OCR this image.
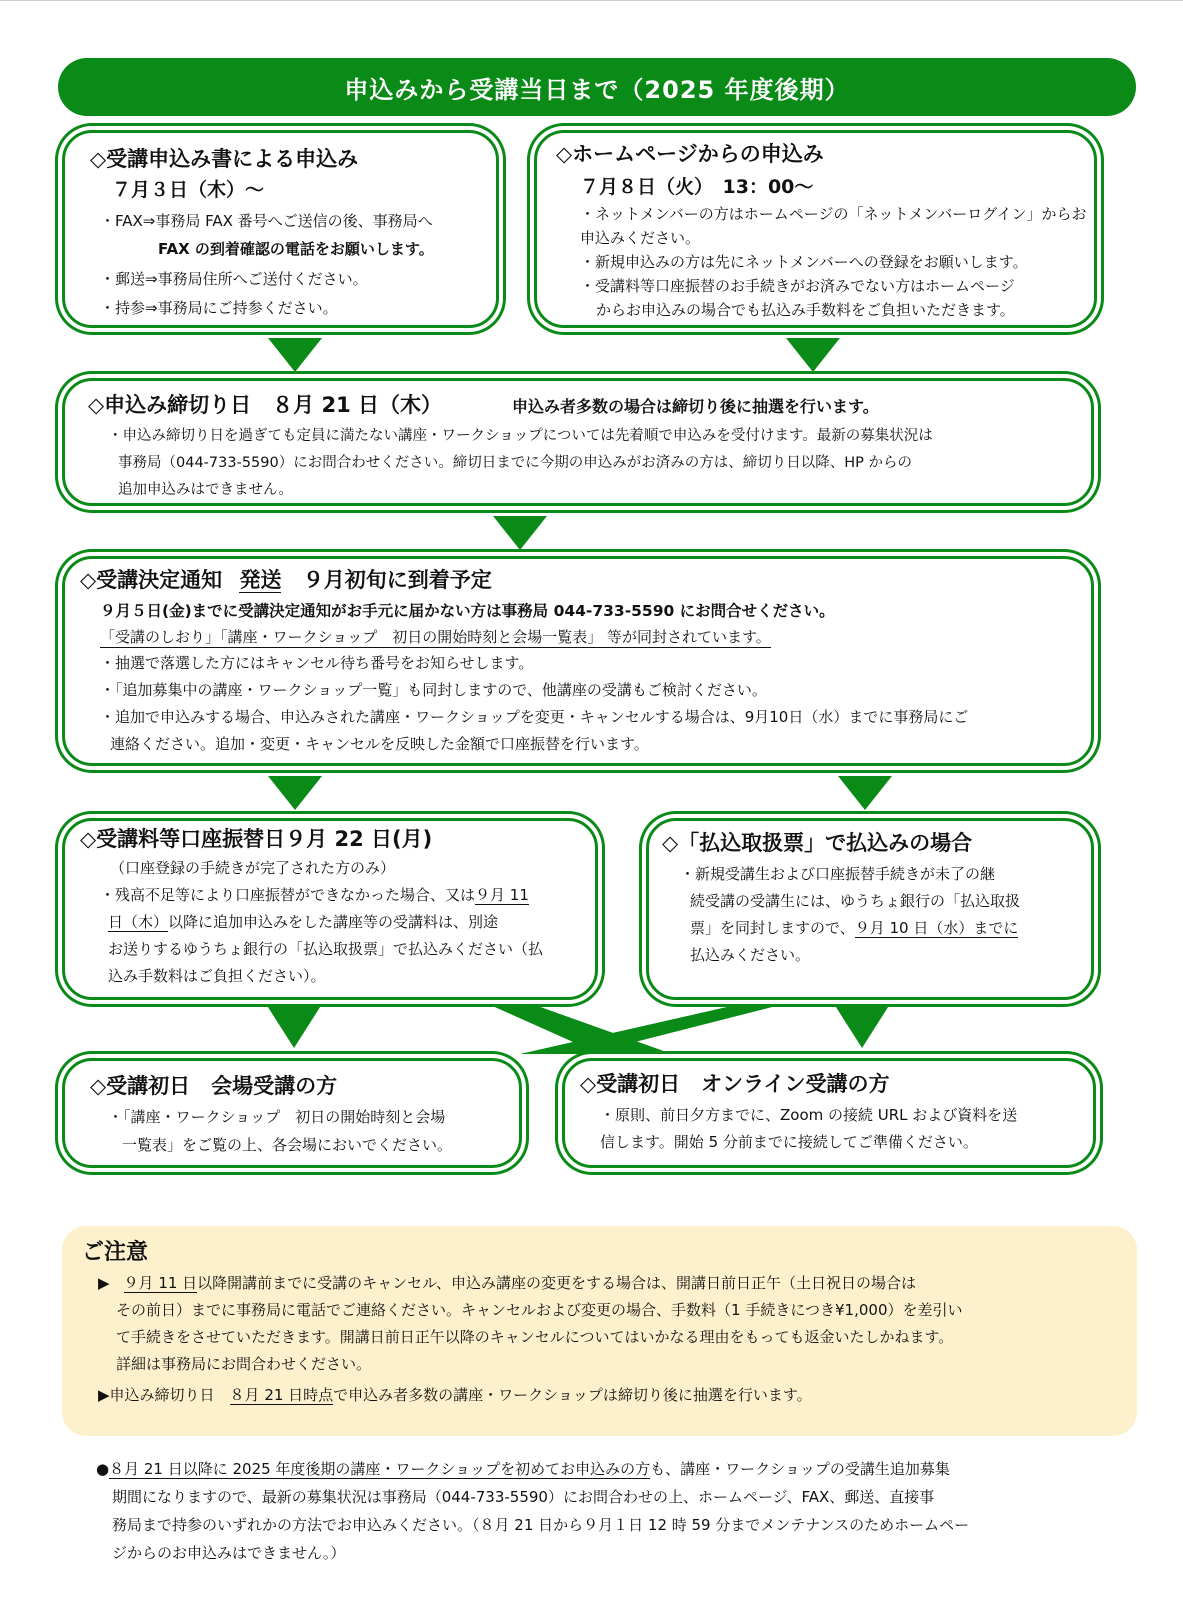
申込みから受講当日まで（2025 年度後期）
◇受講申込み書による申込み
７月３日（木）～
・FAX⇒事務局 FAX 番号へご送信の後、事務局へ
FAX の到着確認の電話をお願いします。
・郵送⇒事務局住所へご送付ください。
・持参⇒事務局にご持参ください。
◇ホームページからの申込み
７月８日（火）　13：00～
・ネットメンバーの方はホームページの「ネットメンバーログイン」からお
申込みください。
・新規申込みの方は先にネットメンバーへの登録をお願いします。
・受講料等口座振替のお手続きがお済みでない方はホームページ
からお申込みの場合でも払込み手数料をご負担いただきます。
◇申込み締切り日　８月 21 日（木）	申込み者多数の場合は締切り後に抽選を行います。
・申込み締切り日を過ぎても定員に満たない講座・ワークショップについては先着順で申込みを受付けます。最新の募集状況は
事務局（044-733-5590）にお問合わせください。締切日までに今期の申込みがお済みの方は、締切り日以降、HP からの
追加申込みはできません。
◇受講決定通知 発送 ９月初旬に到着予定
９月５日(金)までに受講決定通知がお手元に届かない方は事務局 044-733-5590 にお問合せください。
「受講のしおり」「講座・ワークショップ　初日の開始時刻と会場一覧表」 等が同封されています。
・抽選で落選した方にはキャンセル待ち番号をお知らせします。
・「追加募集中の講座・ワークショップ一覧」も同封しますので、他講座の受講もご検討ください。
・追加で申込みする場合、申込みされた講座・ワークショップを変更・キャンセルする場合は、9月10日（水）までに事務局にご
連絡ください。追加・変更・キャンセルを反映した金額で口座振替を行います。
◇受講料等口座振替日９月 22 日(月)
（口座登録の手続きが完了された方のみ）
・残高不足等により口座振替ができなかった場合、又は９月 11
日（木）以降に追加申込みをした講座等の受講料は、別途
お送りするゆうちょ銀行の「払込取扱票」で払込みください（払
込み手数料はご負担ください）。
◇「払込取扱票」で払込みの場合
・新規受講生および口座振替手続きが未了の継
続受講の受講生には、ゆうちょ銀行の「払込取扱
票」を同封しますので、９月 10 日（水）までに
払込みください。
◇受講初日　会場受講の方
・「講座・ワークショップ　初日の開始時刻と会場
一覧表」をご覧の上、各会場においでください。
◇受講初日　オンライン受講の方
・原則、前日夕方までに、Zoom の接続 URL および資料を送
信します。開始 5 分前までに接続してご準備ください。
ご注意
▶ ９月 11 日以降開講前までに受講のキャンセル、申込み講座の変更をする場合は、開講日前日正午（土日祝日の場合は
その前日）までに事務局に電話でご連絡ください。キャンセルおよび変更の場合、手数料（1 手続きにつき¥1,000）を差引い
て手続きをさせていただきます。開講日前日正午以降のキャンセルについてはいかなる理由をもっても返金いたしかねます。
詳細は事務局にお問合わせください。
▶申込み締切り日　８月 21 日時点で申込み者多数の講座・ワークショップは締切り後に抽選を行います。
●８月 21 日以降に 2025 年度後期の講座・ワークショップを初めてお申込みの方も、講座・ワークショップの受講生追加募集
期間になりますので、最新の募集状況は事務局（044-733-5590）にお問合わせの上、ホームページ、FAX、郵送、直接事
務局まで持参のいずれかの方法でお申込みください。（８月 21 日から９月１日 12 時 59 分までメンテナンスのためホームペー
ジからのお申込みはできません。）
